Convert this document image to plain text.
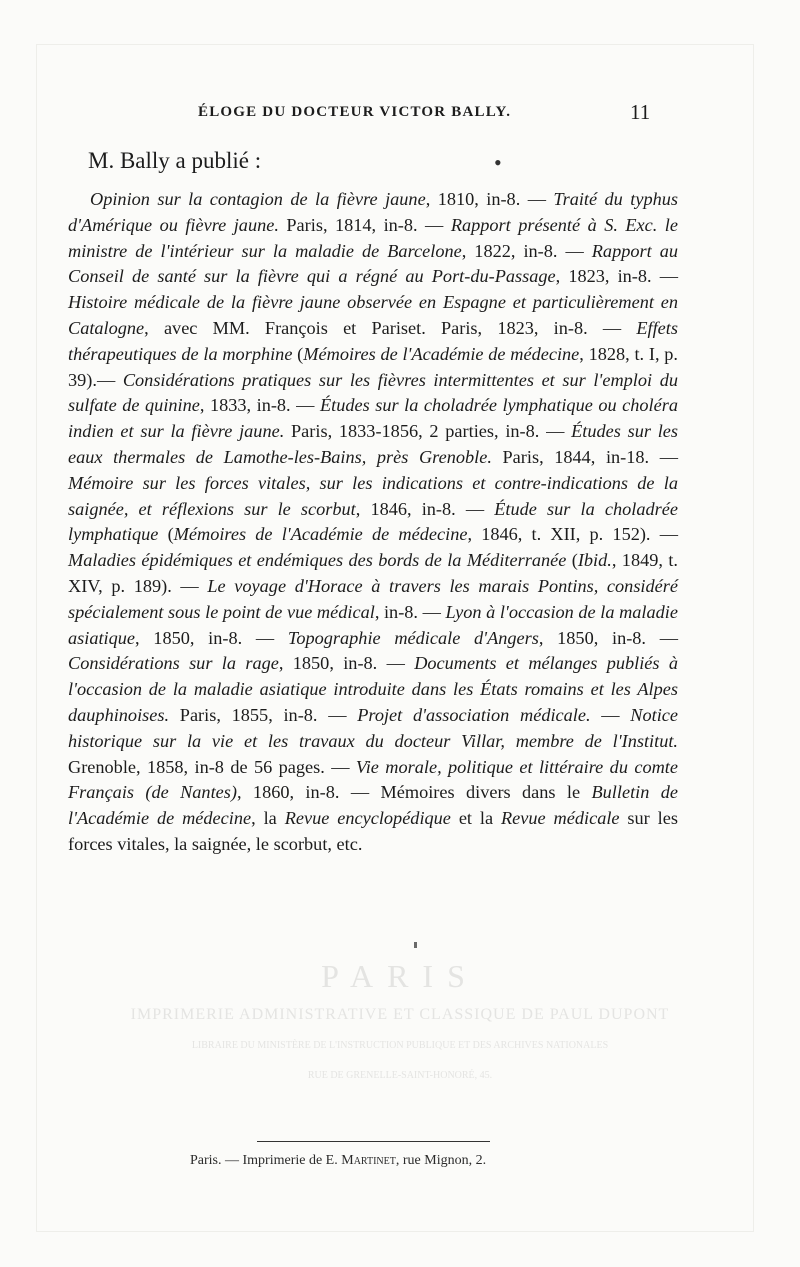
ÉLOGE DU DOCTEUR VICTOR BALLY.	11
M. Bally a publié :	•

Opinion sur la contagion de la fièvre jaune, 1810, in-8. — Traité du typhus d'Amérique ou fièvre jaune. Paris, 1814, in-8. — Rapport présenté à S. Exc. le ministre de l'intérieur sur la maladie de Barcelone, 1822, in-8. — Rapport au Conseil de santé sur la fièvre qui a régné au Port-du-Passage, 1823, in-8. — Histoire médicale de la fièvre jaune observée en Espagne et particulièrement en Catalogne, avec MM. François et Pariset. Paris, 1823, in-8. — Effets thérapeutiques de la morphine (Mémoires de l'Académie de médecine, 1828, t. I, p. 39).— Considérations pratiques sur les fièvres intermittentes et sur l'emploi du sulfate de quinine, 1833, in-8. — Études sur la choladrée lymphatique ou choléra indien et sur la fièvre jaune. Paris, 1833-1856, 2 parties, in-8. — Études sur les eaux thermales de Lamothe-les-Bains, près Grenoble. Paris, 1844, in-18. — Mémoire sur les forces vitales, sur les indications et contre-indications de la saignée, et réflexions sur le scorbut, 1846, in-8. — Étude sur la choladrée lymphatique (Mémoires de l'Académie de médecine, 1846, t. XII, p. 152). — Maladies épidémiques et endémiques des bords de la Méditerranée (Ibid., 1849, t. XIV, p. 189). — Le voyage d'Horace à travers les marais Pontins, considéré spécialement sous le point de vue médical, in-8. — Lyon à l'occasion de la maladie asiatique, 1850, in-8. — Topographie médicale d'Angers, 1850, in-8. — Considérations sur la rage, 1850, in-8. — Documents et mélanges publiés à l'occasion de la maladie asiatique introduite dans les États romains et les Alpes dauphinoises. Paris, 1855, in-8. — Projet d'association médicale. — Notice historique sur la vie et les travaux du docteur Villar, membre de l'Institut. Grenoble, 1858, in-8 de 56 pages. — Vie morale, politique et littéraire du comte Français (de Nantes), 1860, in-8. — Mémoires divers dans le Bulletin de l'Académie de médecine, la Revue encyclopédique et la Revue médicale sur les forces vitales, la saignée, le scorbut, etc.

PARIS
IMPRIMERIE ADMINISTRATIVE ET CLASSIQUE DE PAUL DUPONT
LIBRAIRE DU MINISTÈRE DE L'INSTRUCTION PUBLIQUE ET DES ARCHIVES NATIONALES
RUE DE GRENELLE-SAINT-HONORÉ, 45.
Paris. — Imprimerie de E. Martinet, rue Mignon, 2.
